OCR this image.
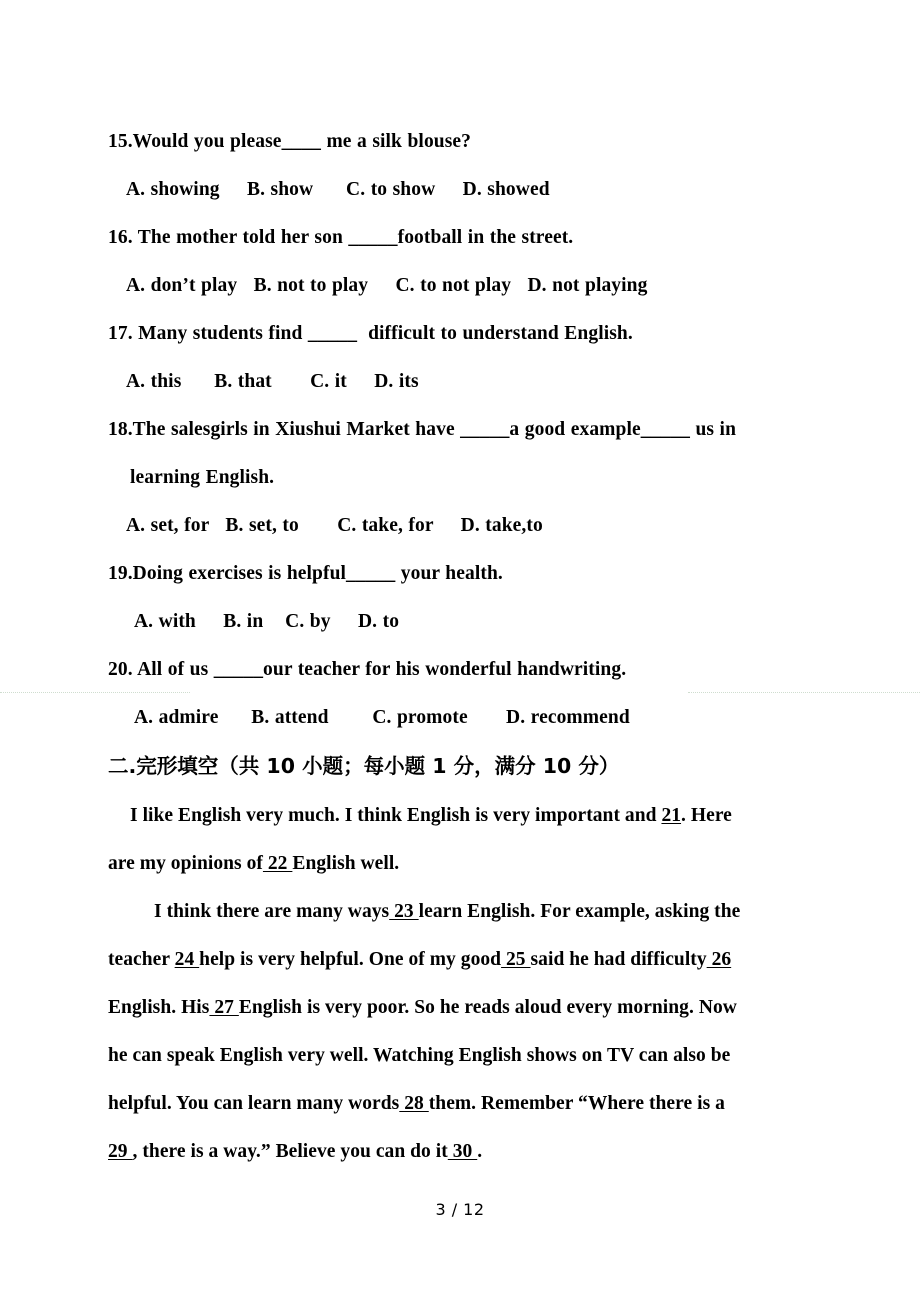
15.Would you please____ me a silk blouse?
A. showing     B. show      C. to show     D. showed
16. The mother told her son _____football in the street.
A. don’t play   B. not to play     C. to not play   D. not playing
17. Many students find _____  difficult to understand English.
A. this      B. that       C. it     D. its
18.The salesgirls in Xiushui Market have _____a good example_____ us in
learning English.
A. set, for   B. set, to       C. take, for     D. take,to
19.Doing exercises is helpful_____ your health.
A. with     B. in    C. by     D. to
20. All of us _____our teacher for his wonderful handwriting.
A. admire      B. attend        C. promote       D. recommend
二.完形填空（共 10 小题；每小题 1 分，满分 10 分）
I like English very much. I think English is very important and 21. Here
are my opinions of 22 English well.
I think there are many ways 23 learn English. For example, asking the
teacher 24 help is very helpful. One of my good 25 said he had difficulty 26
English. His 27 English is very poor. So he reads aloud every morning. Now
he can speak English very well. Watching English shows on TV can also be
helpful. You can learn many words 28 them. Remember “Where there is a
29 , there is a way.” Believe you can do it 30 .
3 / 12
